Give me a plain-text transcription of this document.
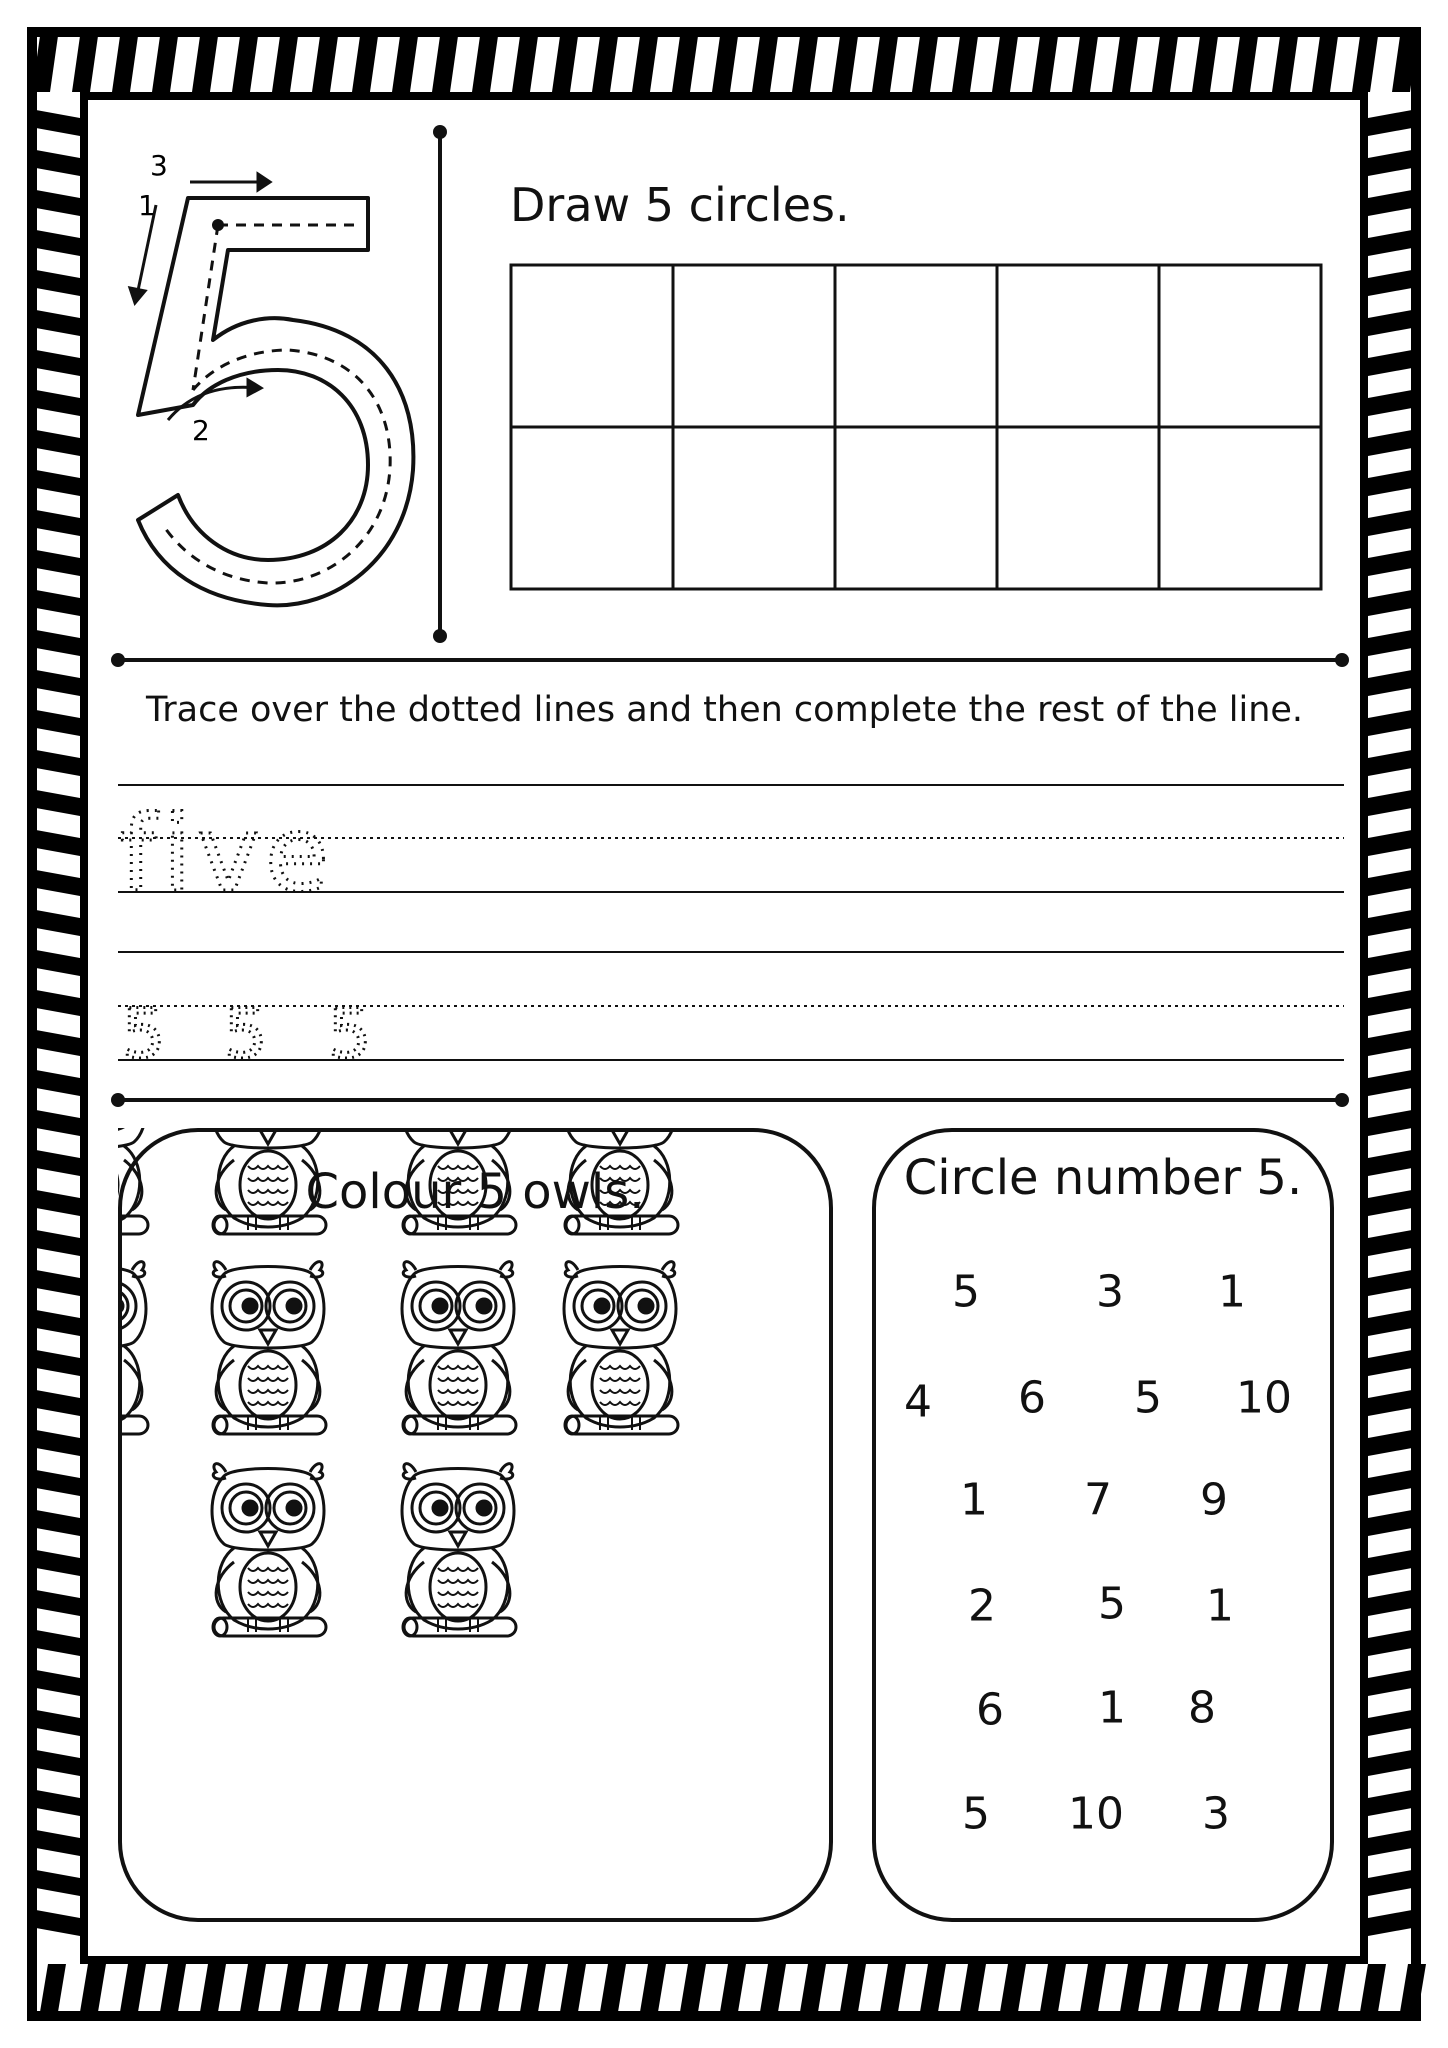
3
1
2
Draw 5 circles.
Trace over the dotted lines and then complete the rest of the line.
five
5 5 5
Colour 5 owls.	Circle number 5.
5	3 1
4 6 5 10
1 7 9
2 5 1
6 1 8
5 10 3
